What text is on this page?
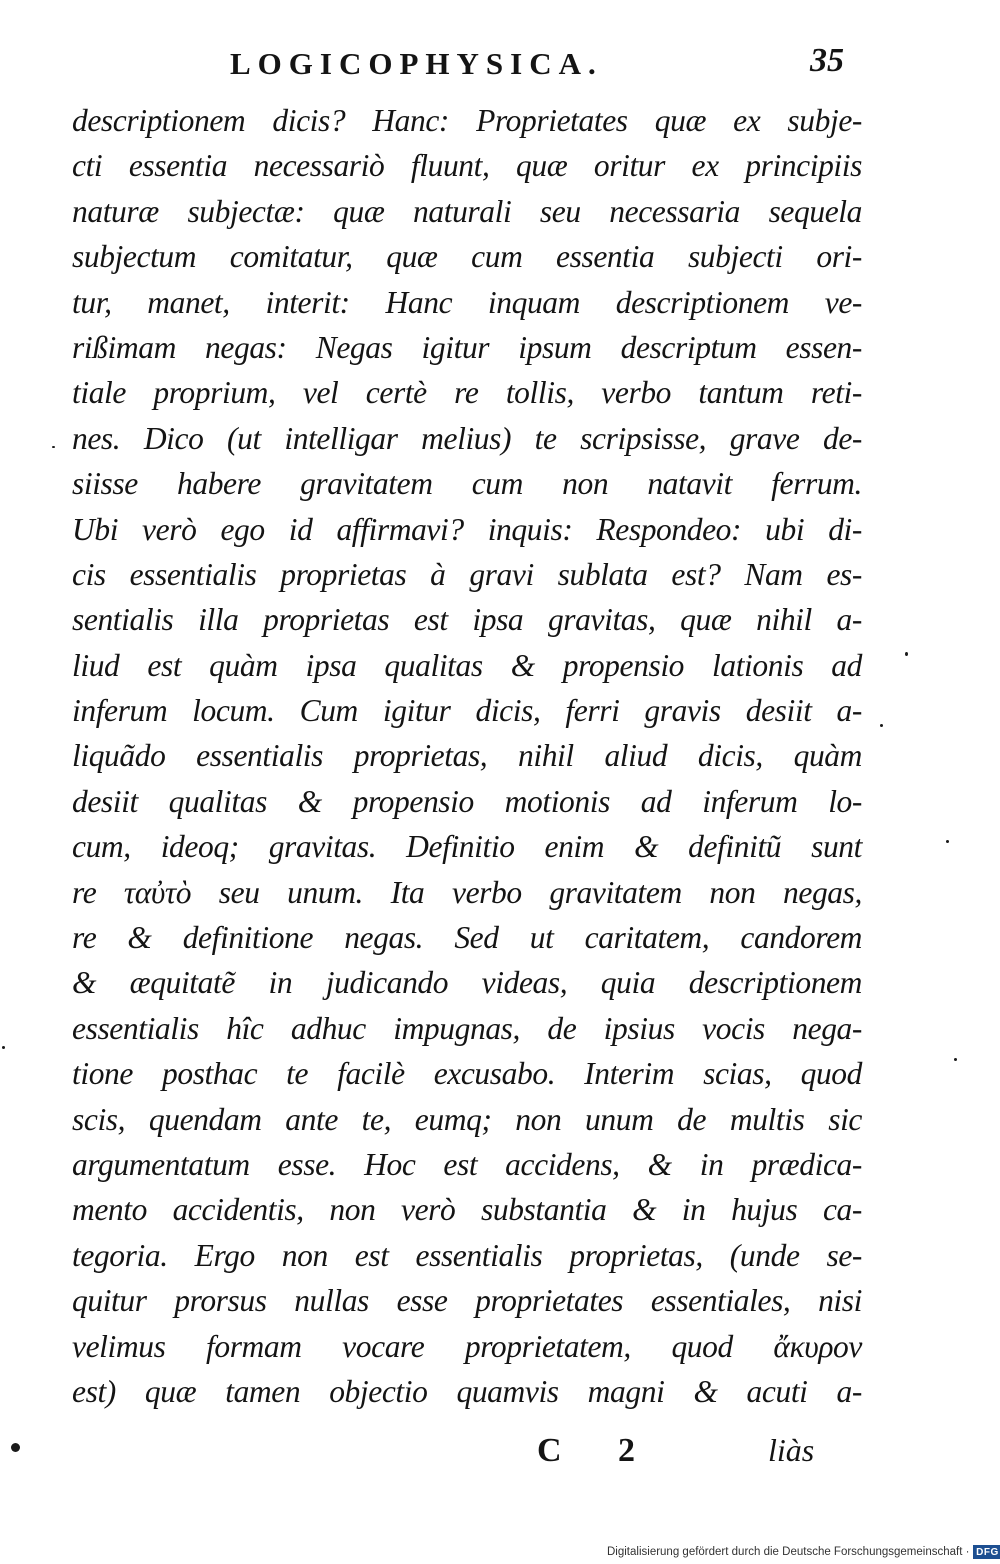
LOGICOPHYSICA.	35
descriptionem dicis? Hanc: Proprietates quæ ex subje-
cti essentia necessariò fluunt, quæ oritur ex principiis
naturæ subjectæ: quæ naturali seu necessaria sequela
subjectum comitatur, quæ cum essentia subjecti ori-
tur, manet, interit: Hanc inquam descriptionem ve-
rißimam negas: Negas igitur ipsum descriptum essen-
tiale proprium, vel certè re tollis, verbo tantum reti-
nes. Dico (ut intelligar melius) te scripsisse, grave de-
siisse habere gravitatem cum non natavit ferrum.
Ubi verò ego id affirmavi? inquis: Respondeo: ubi di-
cis essentialis proprietas à gravi sublata est? Nam es-
sentialis illa proprietas est ipsa gravitas, quæ nihil a-
liud est quàm ipsa qualitas & propensio lationis ad
inferum locum. Cum igitur dicis, ferri gravis desiit a-
liquãdo essentialis proprietas, nihil aliud dicis, quàm
desiit qualitas & propensio motionis ad inferum lo-
cum, ideoq; gravitas. Definitio enim & definitũ sunt
re ταὐτὸ seu unum. Ita verbo gravitatem non negas,
re & definitione negas. Sed ut caritatem, candorem
& æquitatẽ in judicando videas, quia descriptionem
essentialis hîc adhuc impugnas, de ipsius vocis nega-
tione posthac te facilè excusabo. Interim scias, quod
scis, quendam ante te, eumq; non unum de multis sic
argumentatum esse. Hoc est accidens, & in prædica-
mento accidentis, non verò substantia & in hujus ca-
tegoria. Ergo non est essentialis proprietas, (unde se-
quitur prorsus nullas esse proprietates essentiales, nisi
velimus formam vocare proprietatem, quod ἄκυρον
est) quæ tamen objectio quamvis magni & acuti a-
C 2	liàs
Digitalisierung gefördert durch die Deutsche Forschungsgemeinschaft · DFG
